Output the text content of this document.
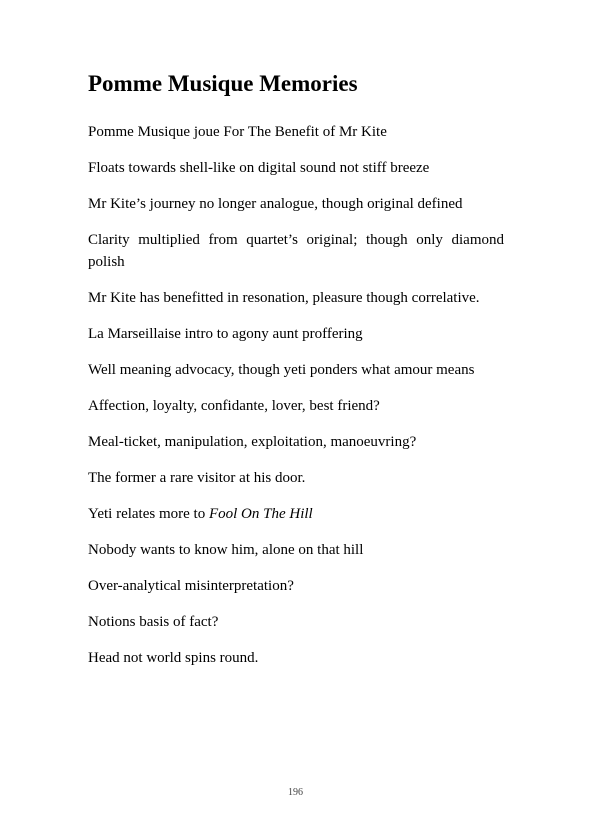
Pomme Musique Memories

Pomme Musique joue For The Benefit of Mr Kite

Floats towards shell-like on digital sound not stiff breeze

Mr Kite’s journey no longer analogue, though original defined

Clarity multiplied from quartet’s original; though only diamond polish

Mr Kite has benefitted in resonation, pleasure though correlative.

La Marseillaise intro to agony aunt proffering

Well meaning advocacy, though yeti ponders what amour means

Affection, loyalty, confidante, lover, best friend?

Meal-ticket, manipulation, exploitation, manoeuvring?

The former a rare visitor at his door.

Yeti relates more to Fool On The Hill

Nobody wants to know him, alone on that hill

Over-analytical misinterpretation?

Notions basis of fact?

Head not world spins round.

196
